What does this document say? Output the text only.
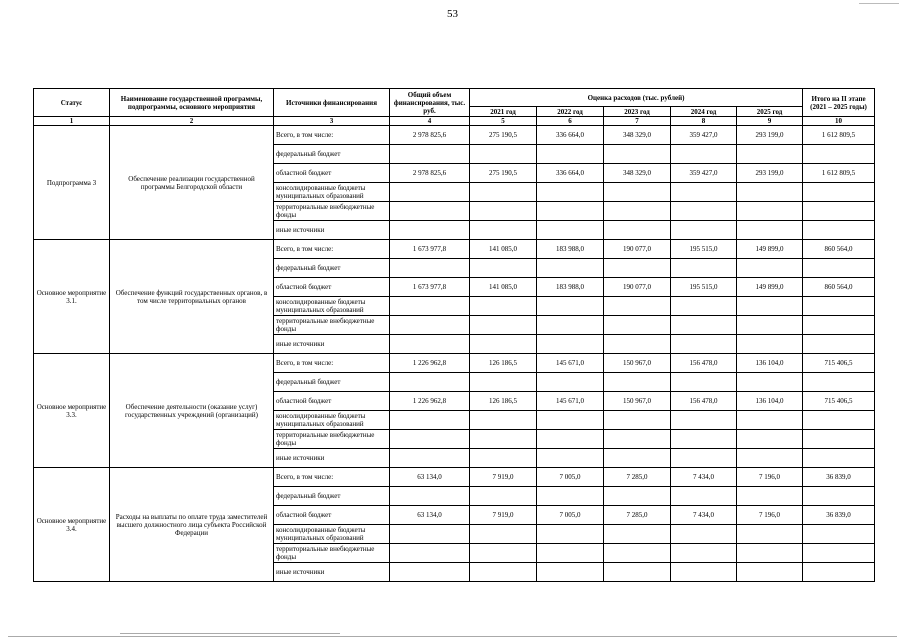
53
Статус	Наименование государственной программы, подпрограммы, основного мероприятия	Источники финансирования	Общий объем финансирования, тыс. руб.	Оценка расходов (тыс. рублей)					Итого на II этапе (2021 – 2025 годы)
				2021 год	2022 год	2023 год	2024 год	2025 год	
1	2	3	4	5	6	7	8	9	10
Подпрограмма 3	Обеспечение реализации государственной программы Белгородской области	Всего, в том числе:	2 978 825,6	275 190,5	336 664,0	348 329,0	359 427,0	293 199,0	1 612 809,5
		федеральный бюджет							
		областной бюджет	2 978 825,6	275 190,5	336 664,0	348 329,0	359 427,0	293 199,0	1 612 809,5
		консолидированные бюджеты муниципальных образований							
		территориальные внебюджетные фонды							
		иные источники							
Основное мероприятие 3.1.	Обеспечение функций государственных органов, в том числе территориальных органов	Всего, в том числе:	1 673 977,8	141 085,0	183 988,0	190 077,0	195 515,0	149 899,0	860 564,0
		федеральный бюджет							
		областной бюджет	1 673 977,8	141 085,0	183 988,0	190 077,0	195 515,0	149 899,0	860 564,0
		консолидированные бюджеты муниципальных образований							
		территориальные внебюджетные фонды							
		иные источники							
Основное мероприятие 3.3.	Обеспечение деятельности (оказание услуг) государственных учреждений (организаций)	Всего, в том числе:	1 226 962,8	126 186,5	145 671,0	150 967,0	156 478,0	136 104,0	715 406,5
		федеральный бюджет							
		областной бюджет	1 226 962,8	126 186,5	145 671,0	150 967,0	156 478,0	136 104,0	715 406,5
		консолидированные бюджеты муниципальных образований							
		территориальные внебюджетные фонды							
		иные источники							
Основное мероприятие 3.4.	Расходы на выплаты по оплате труда заместителей высшего должностного лица субъекта Российской Федерации	Всего, в том числе:	63 134,0	7 919,0	7 005,0	7 285,0	7 434,0	7 196,0	36 839,0
		федеральный бюджет							
		областной бюджет	63 134,0	7 919,0	7 005,0	7 285,0	7 434,0	7 196,0	36 839,0
		консолидированные бюджеты муниципальных образований							
		территориальные внебюджетные фонды							
		иные источники							
